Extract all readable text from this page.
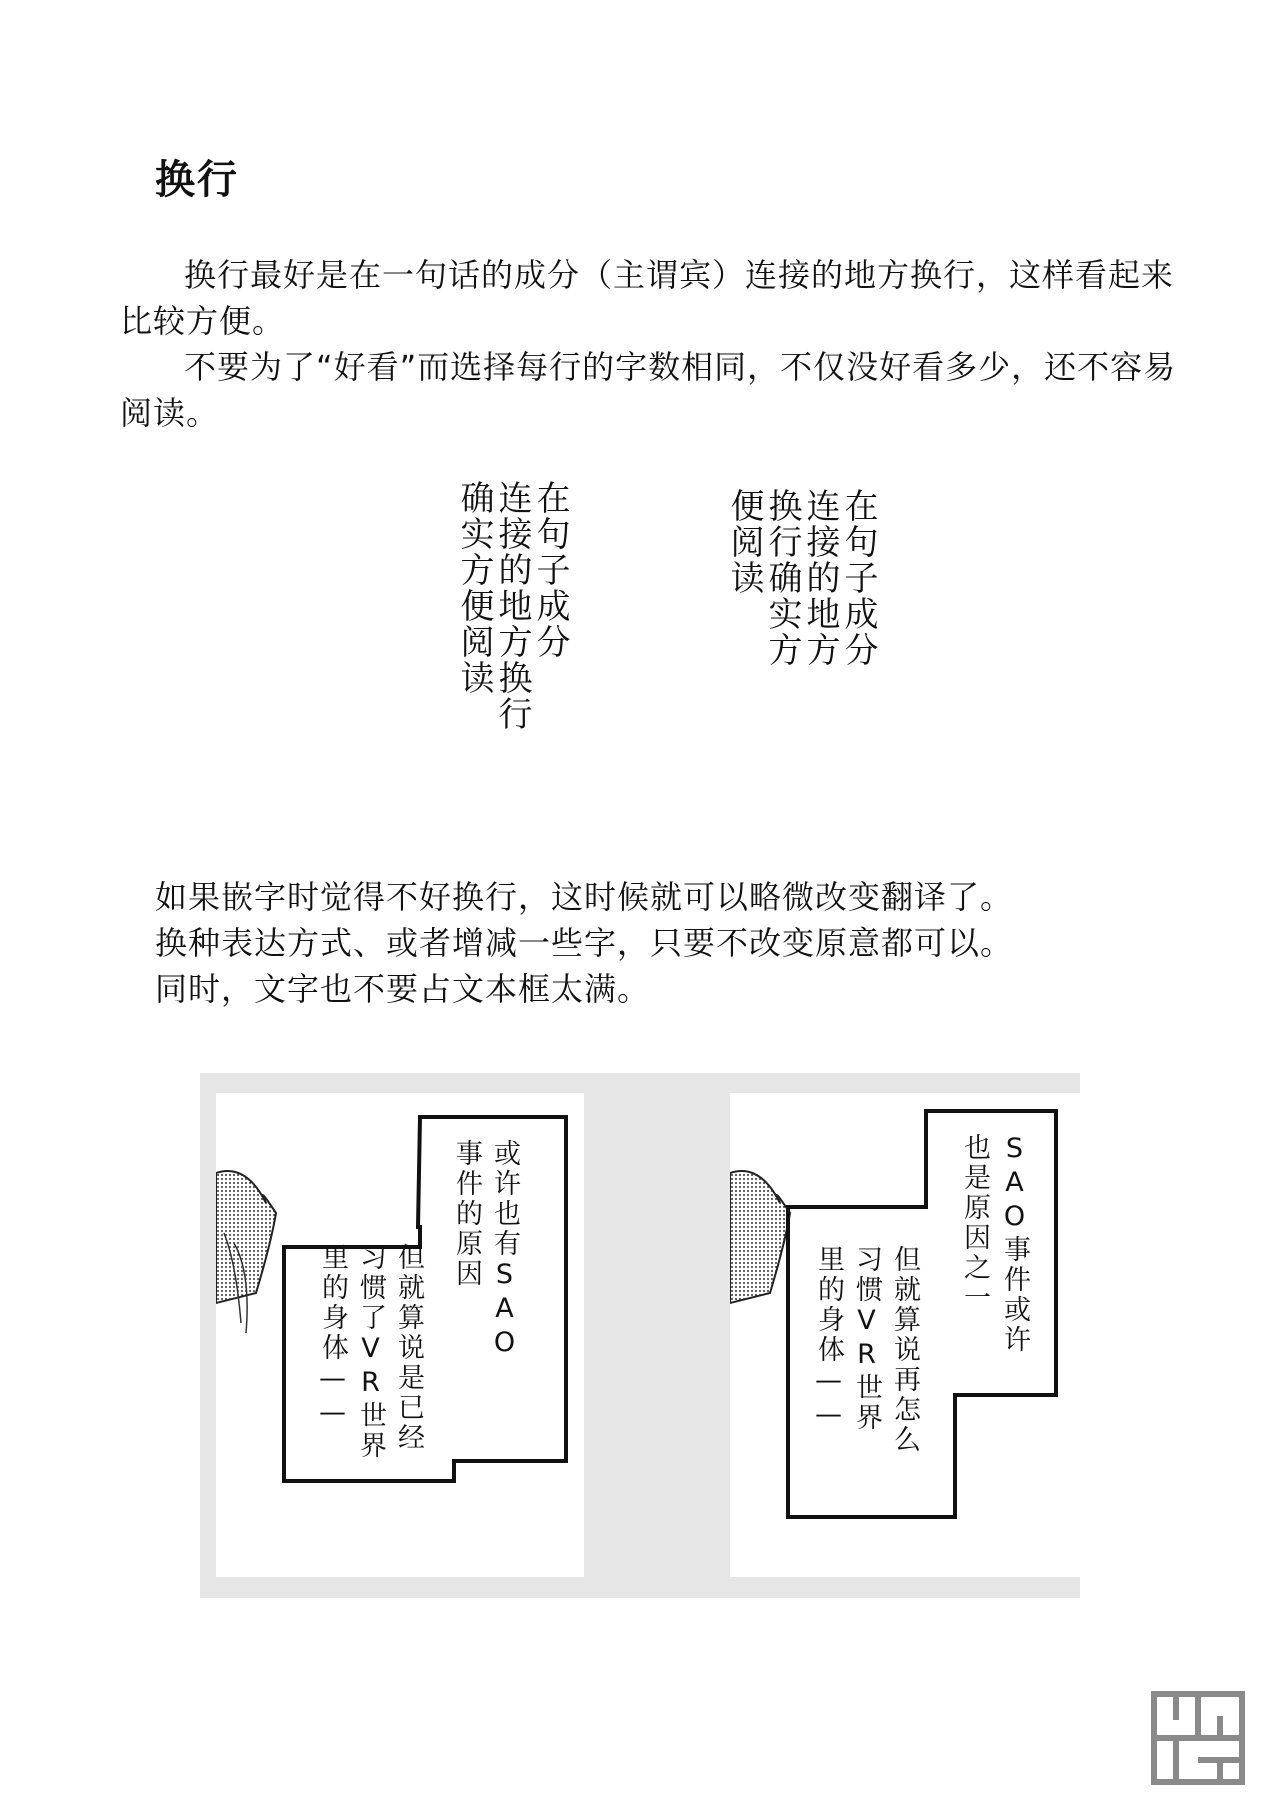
换行

换行最好是在一句话的成分（主谓宾）连接的地方换行，这样看起来比较方便。

不要为了“好看”而选择每行的字数相同，不仅没好看多少，还不容易阅读。

在句子成分

连接的地方换行

确实方便阅读	在句子成分

连接的地方

换行确实方

便阅读

如果嵌字时觉得不好换行，这时候就可以略微改变翻译了。

换种表达方式、或者增减一些字，只要不改变原意都可以。

同时，文字也不要占文本框太满。

或许也有SAO

事件的原因

但就算说是已经

习惯了VR世界

里的身体——	SAO事件或许

也是原因之一

但就算说再怎么

习惯VR世界

里的身体——
